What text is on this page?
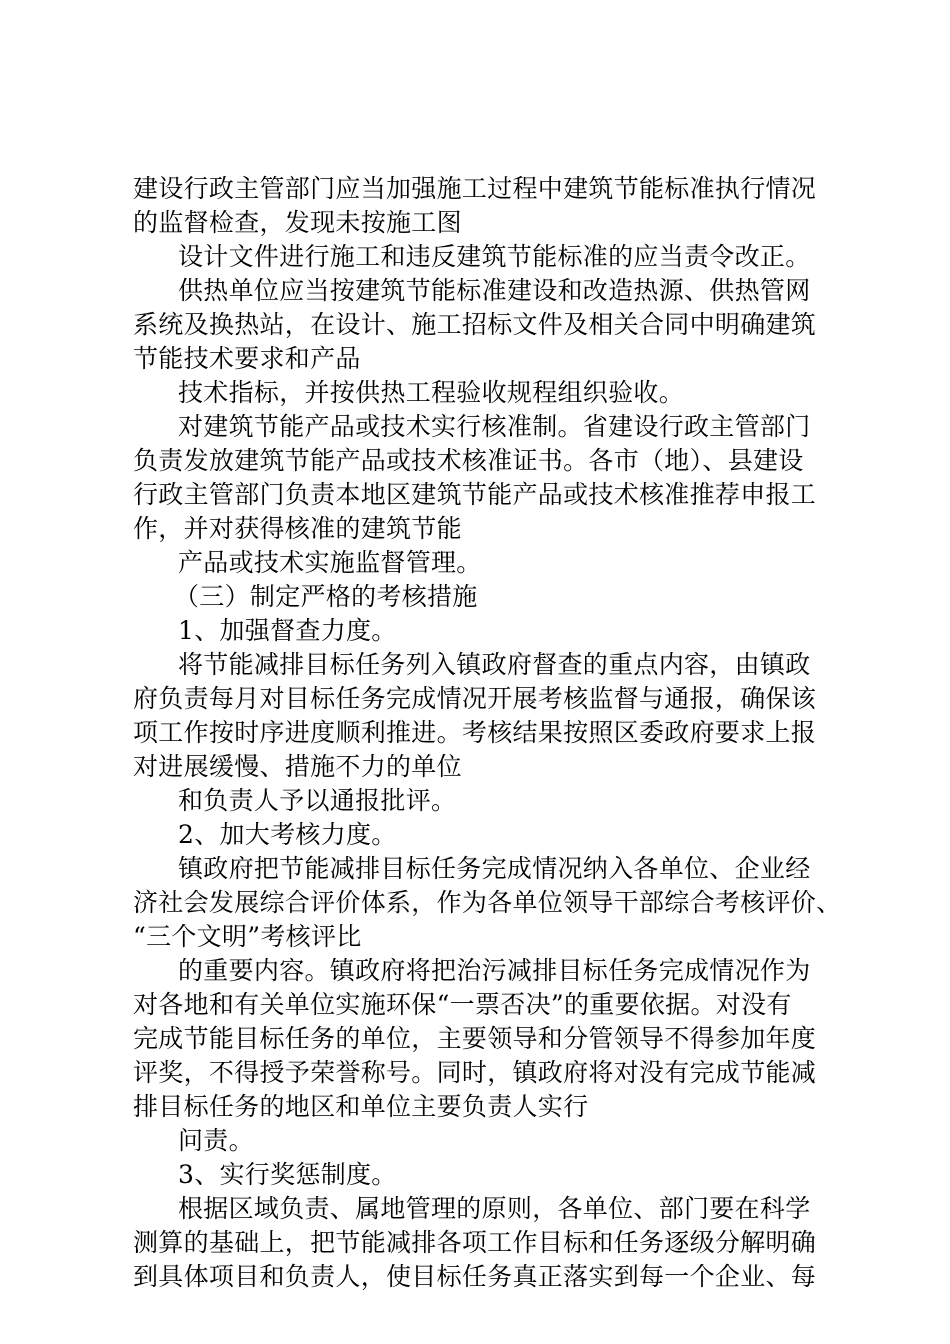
建设行政主管部门应当加强施工过程中建筑节能标准执行情况
的监督检查，发现未按施工图
设计文件进行施工和违反建筑节能标准的应当责令改正。
供热单位应当按建筑节能标准建设和改造热源、供热管网
系统及换热站，在设计、施工招标文件及相关合同中明确建筑
节能技术要求和产品
技术指标，并按供热工程验收规程组织验收。
对建筑节能产品或技术实行核准制。省建设行政主管部门
负责发放建筑节能产品或技术核准证书。各市（地）、县建设
行政主管部门负责本地区建筑节能产品或技术核准推荐申报工
作，并对获得核准的建筑节能
产品或技术实施监督管理。
（三）制定严格的考核措施
1、加强督查力度。
将节能减排目标任务列入镇政府督查的重点内容，由镇政
府负责每月对目标任务完成情况开展考核监督与通报，确保该
项工作按时序进度顺利推进。考核结果按照区委政府要求上报
对进展缓慢、措施不力的单位
和负责人予以通报批评。
2、加大考核力度。
镇政府把节能减排目标任务完成情况纳入各单位、企业经
济社会发展综合评价体系，作为各单位领导干部综合考核评价、
“三个文明”考核评比
的重要内容。镇政府将把治污减排目标任务完成情况作为
对各地和有关单位实施环保“一票否决”的重要依据。对没有
完成节能目标任务的单位，主要领导和分管领导不得参加年度
评奖，不得授予荣誉称号。同时，镇政府将对没有完成节能减
排目标任务的地区和单位主要负责人实行
问责。
3、实行奖惩制度。
根据区域负责、属地管理的原则，各单位、部门要在科学
测算的基础上，把节能减排各项工作目标和任务逐级分解明确
到具体项目和负责人，使目标任务真正落实到每一个企业、每
